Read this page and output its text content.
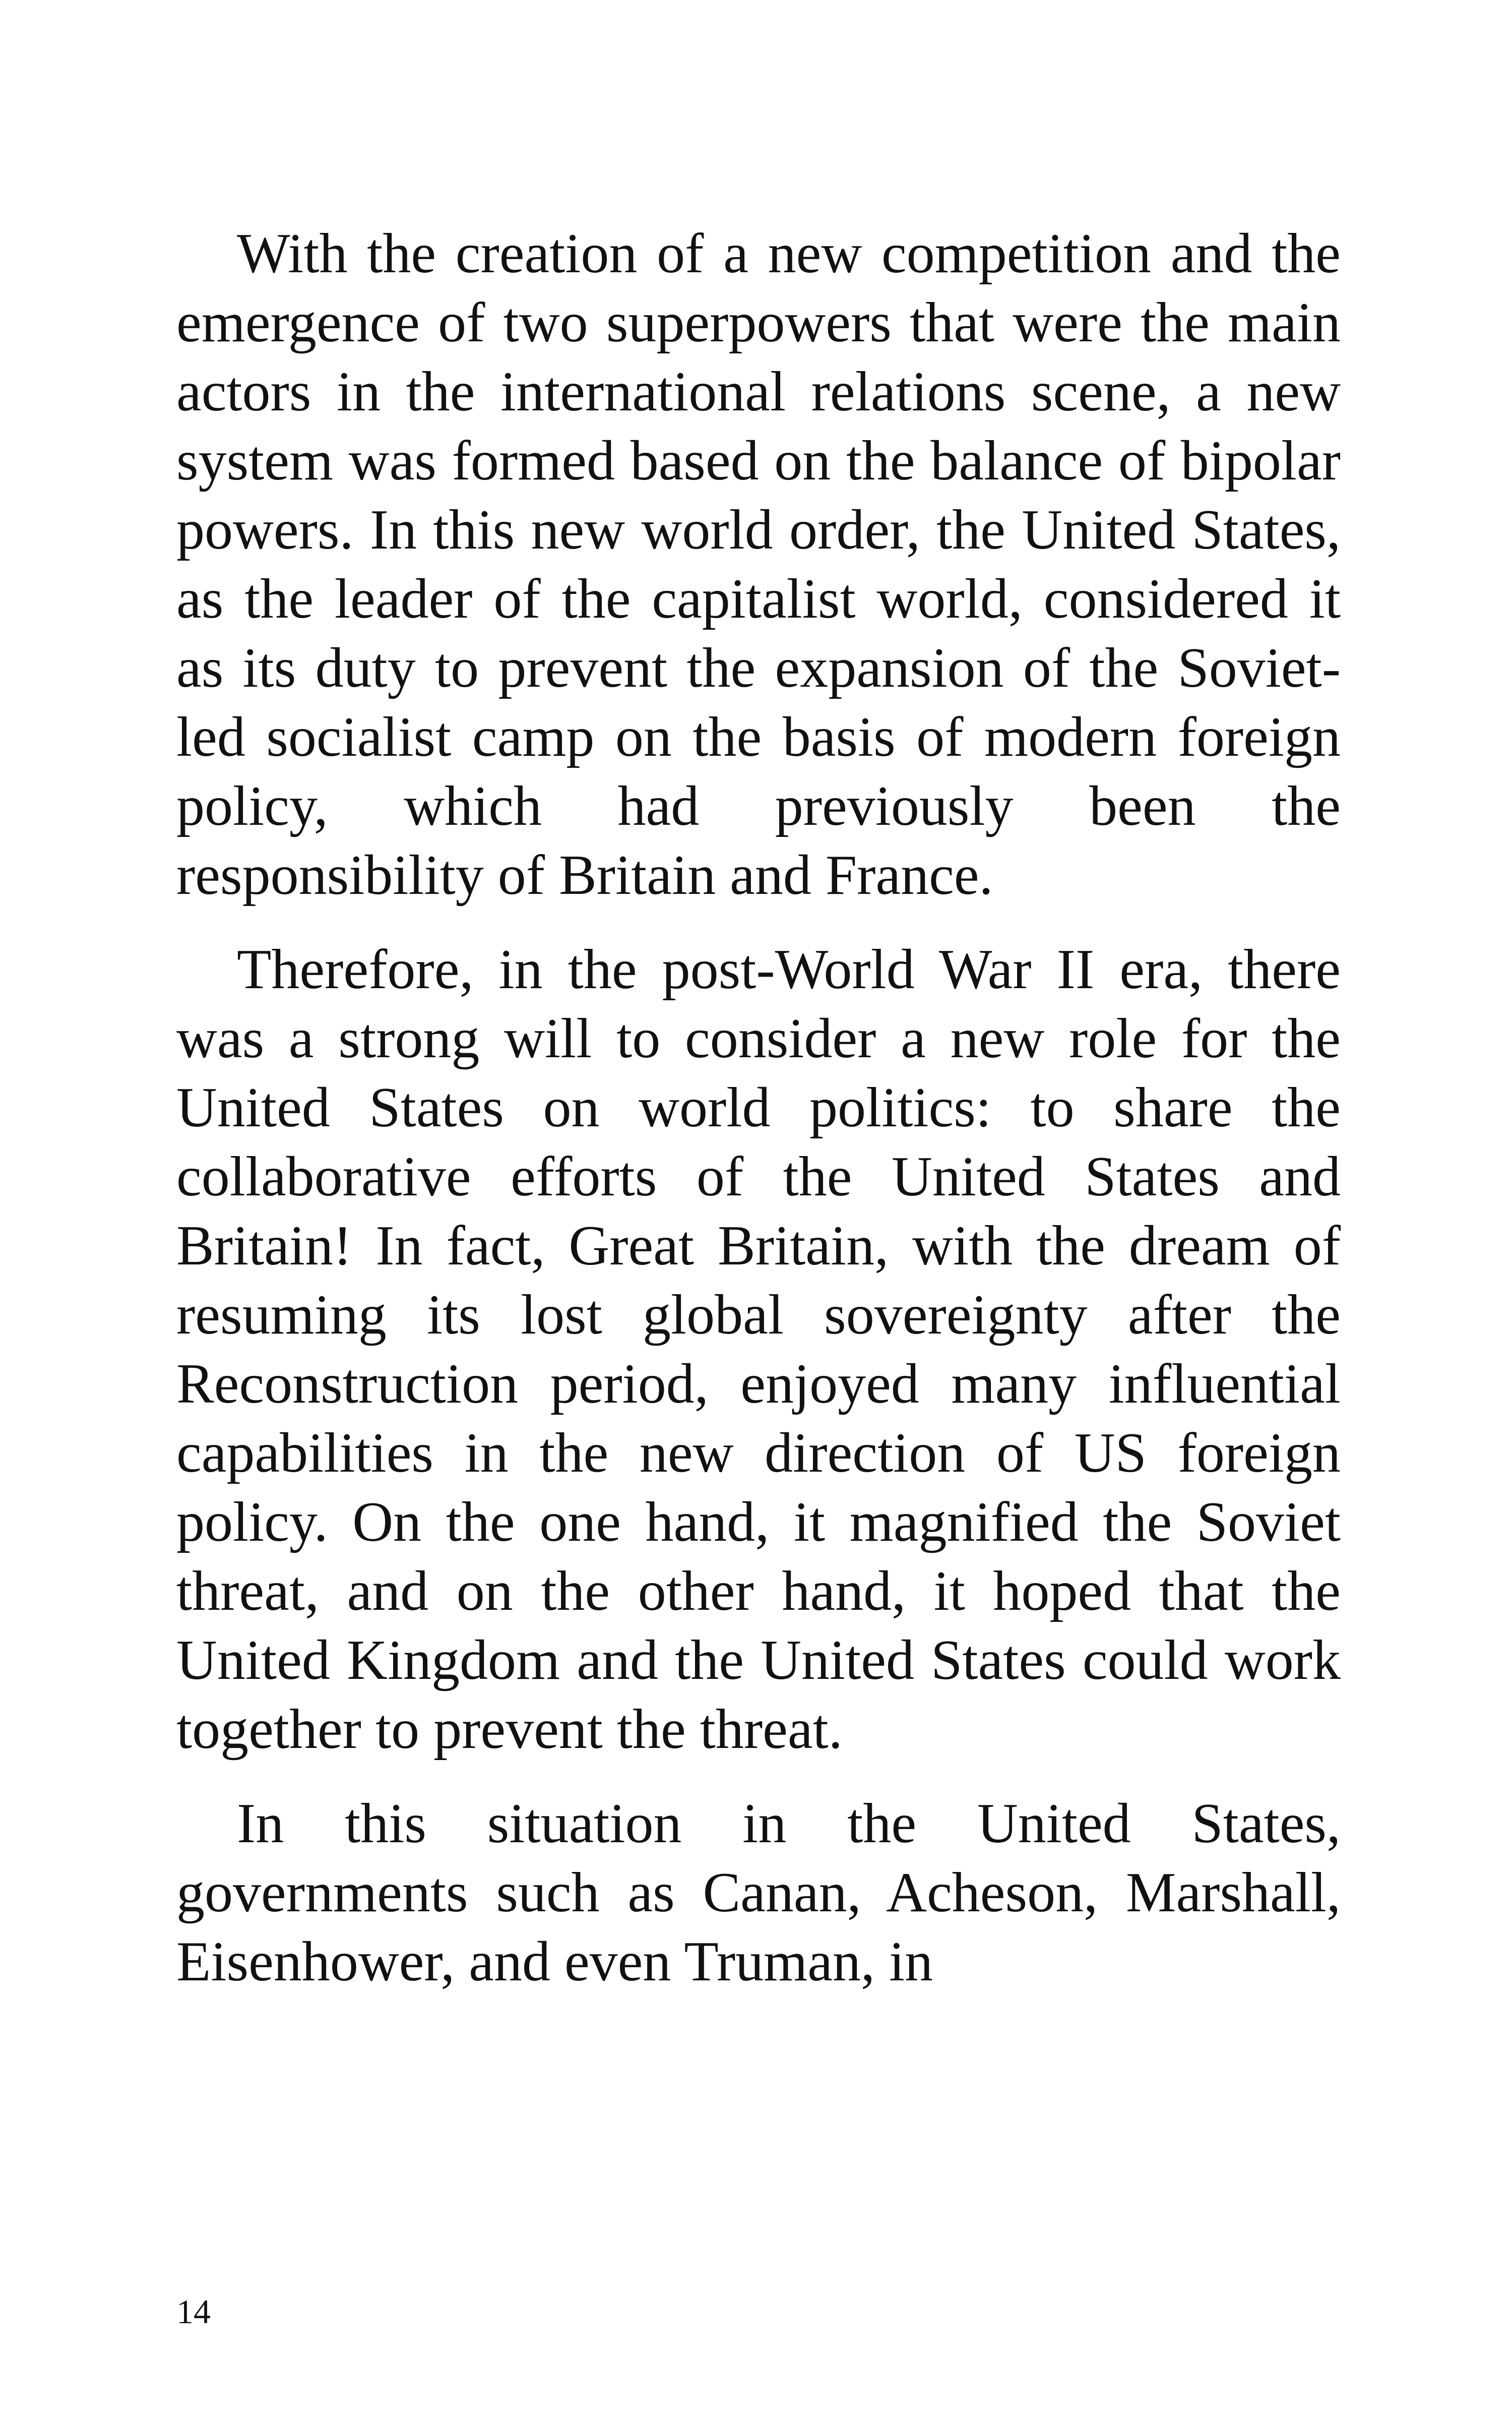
With the creation of a new competition and the emergence of two superpowers that were the main actors in the international relations scene, a new system was formed based on the balance of bipolar powers. In this new world order, the United States, as the leader of the capitalist world, considered it as its duty to prevent the expansion of the Soviet-led socialist camp on the basis of modern foreign policy, which had previously been the responsibility of Britain and France.

Therefore, in the post-World War II era, there was a strong will to consider a new role for the United States on world politics: to share the collaborative efforts of the United States and Britain! In fact, Great Britain, with the dream of resuming its lost global sovereignty after the Reconstruction period, enjoyed many influential capabilities in the new direction of US foreign policy. On the one hand, it magnified the Soviet threat, and on the other hand, it hoped that the United Kingdom and the United States could work together to prevent the threat.

In this situation in the United States, governments such as Canan, Acheson, Marshall, Eisenhower, and even Truman, in

14
